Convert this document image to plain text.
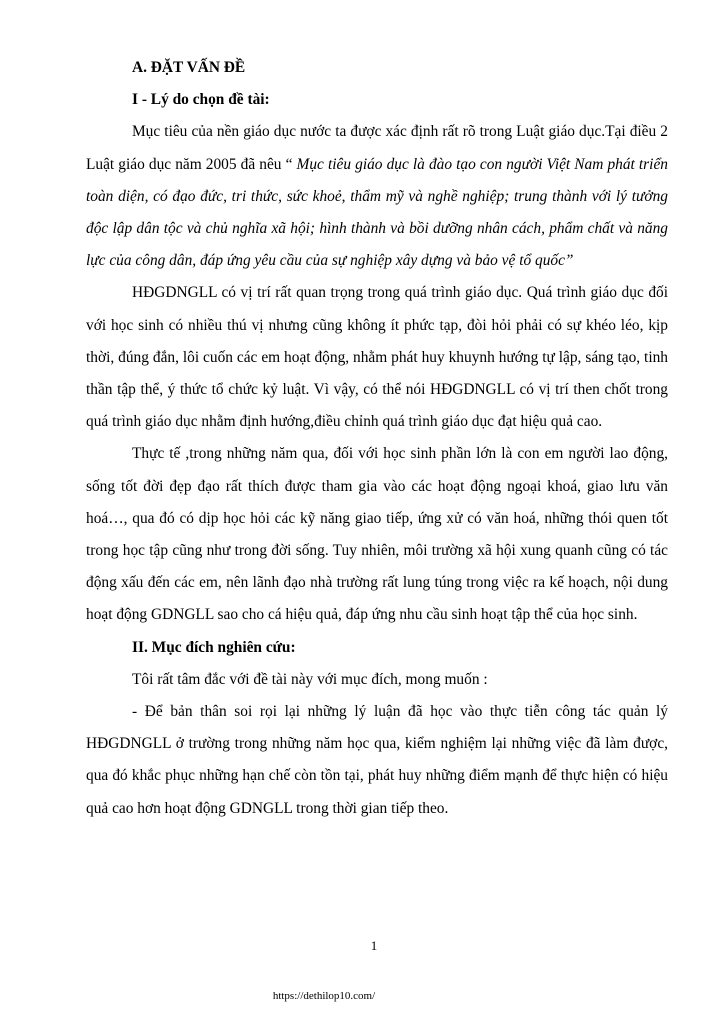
A. ĐẶT VẤN ĐỀ

I - Lý do chọn đề tài:

Mục tiêu của nền giáo dục nước ta được xác định rất rõ trong Luật giáo dục.Tại điều 2 Luật giáo dục năm 2005 đã nêu “ Mục tiêu giáo dục là đào tạo con người Việt Nam phát triển toàn diện, có đạo đức, tri thức, sức khoẻ, thẩm mỹ và nghề nghiệp; trung thành với lý tưởng độc lập dân tộc và chủ nghĩa xã hội; hình thành và bồi dưỡng nhân cách, phẩm chất và năng lực của công dân, đáp ứng yêu cầu của sự nghiệp xây dựng và bảo vệ tổ quốc”

HĐGDNGLL có vị trí rất quan trọng trong quá trình giáo dục. Quá trình giáo dục đối với học sinh có nhiều thú vị nhưng cũng không ít phức tạp, đòi hỏi phải có sự khéo léo, kịp thời, đúng đắn, lôi cuốn các em hoạt động, nhằm phát huy khuynh hướng tự lập, sáng tạo, tinh thần tập thể, ý thức tổ chức kỷ luật. Vì vậy, có thể nói HĐGDNGLL có vị trí then chốt trong quá trình giáo dục nhằm định hướng,điều chỉnh quá trình giáo dục đạt hiệu quả cao.

Thực tế ,trong những năm qua, đối với học sinh phần lớn là con em người lao động, sống tốt đời đẹp đạo rất thích được tham gia vào các hoạt động ngoại khoá, giao lưu văn hoá…, qua đó có dịp học hỏi các kỹ năng giao tiếp, ứng xử có văn hoá, những thói quen tốt trong học tập cũng như trong đời sống. Tuy nhiên, môi trường xã hội xung quanh cũng có tác động xấu đến các em, nên lãnh đạo nhà trường rất lung túng trong việc ra kế hoạch, nội dung hoạt động GDNGLL sao cho cá hiệu quả, đáp ứng nhu cầu sinh hoạt tập thể của học sinh.

II. Mục đích nghiên cứu:

Tôi rất tâm đắc với đề tài này với mục đích, mong muốn :

- Để bản thân soi rọi lại những lý luận đã học vào thực tiễn công tác quản lý HĐGDNGLL ở trường trong những năm học qua, kiểm nghiệm lại những việc đã làm được, qua đó khắc phục những hạn chế còn tồn tại, phát huy những điểm mạnh để thực hiện có hiệu quả cao hơn hoạt động GDNGLL trong thời gian tiếp theo.

1
https://dethilop10.com/
